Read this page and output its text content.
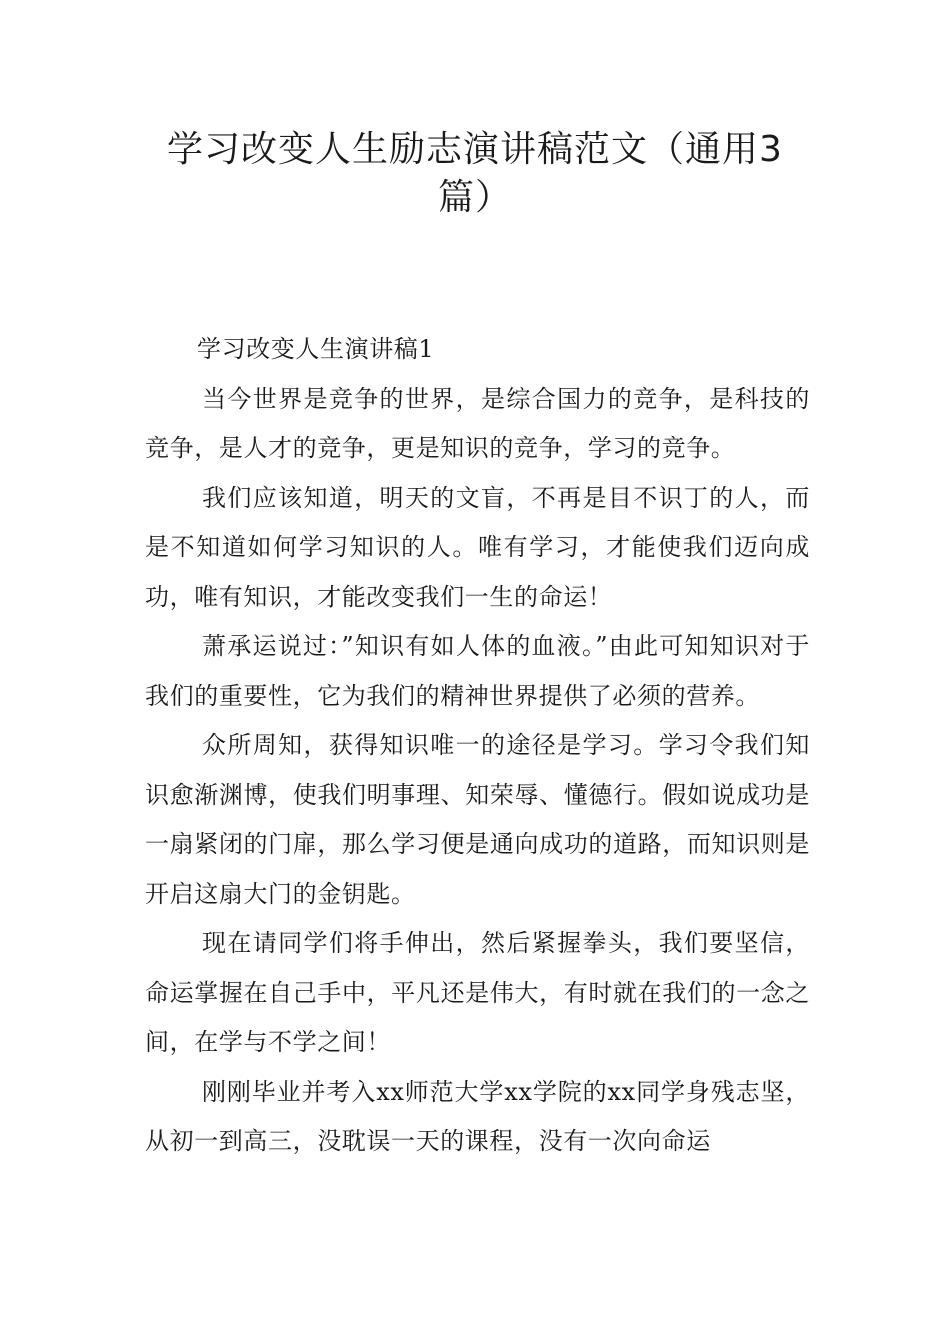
学习改变人生励志演讲稿范文（通用3篇）
学习改变人生演讲稿1

当今世界是竞争的世界，是综合国力的竞争，是科技的竞争，是人才的竞争，更是知识的竞争，学习的竞争。

我们应该知道，明天的文盲，不再是目不识丁的人，而是不知道如何学习知识的人。唯有学习，才能使我们迈向成功，唯有知识，才能改变我们一生的命运！

萧承运说过：”知识有如人体的血液。”由此可知知识对于我们的重要性，它为我们的精神世界提供了必须的营养。

众所周知，获得知识唯一的途径是学习。学习令我们知识愈渐渊博，使我们明事理、知荣辱、懂德行。假如说成功是一扇紧闭的门扉，那么学习便是通向成功的道路，而知识则是开启这扇大门的金钥匙。

现在请同学们将手伸出，然后紧握拳头，我们要坚信，命运掌握在自己手中，平凡还是伟大，有时就在我们的一念之间，在学与不学之间！

刚刚毕业并考入xx师范大学xx学院的xx同学身残志坚，从初一到高三，没耽误一天的课程，没有一次向命运
